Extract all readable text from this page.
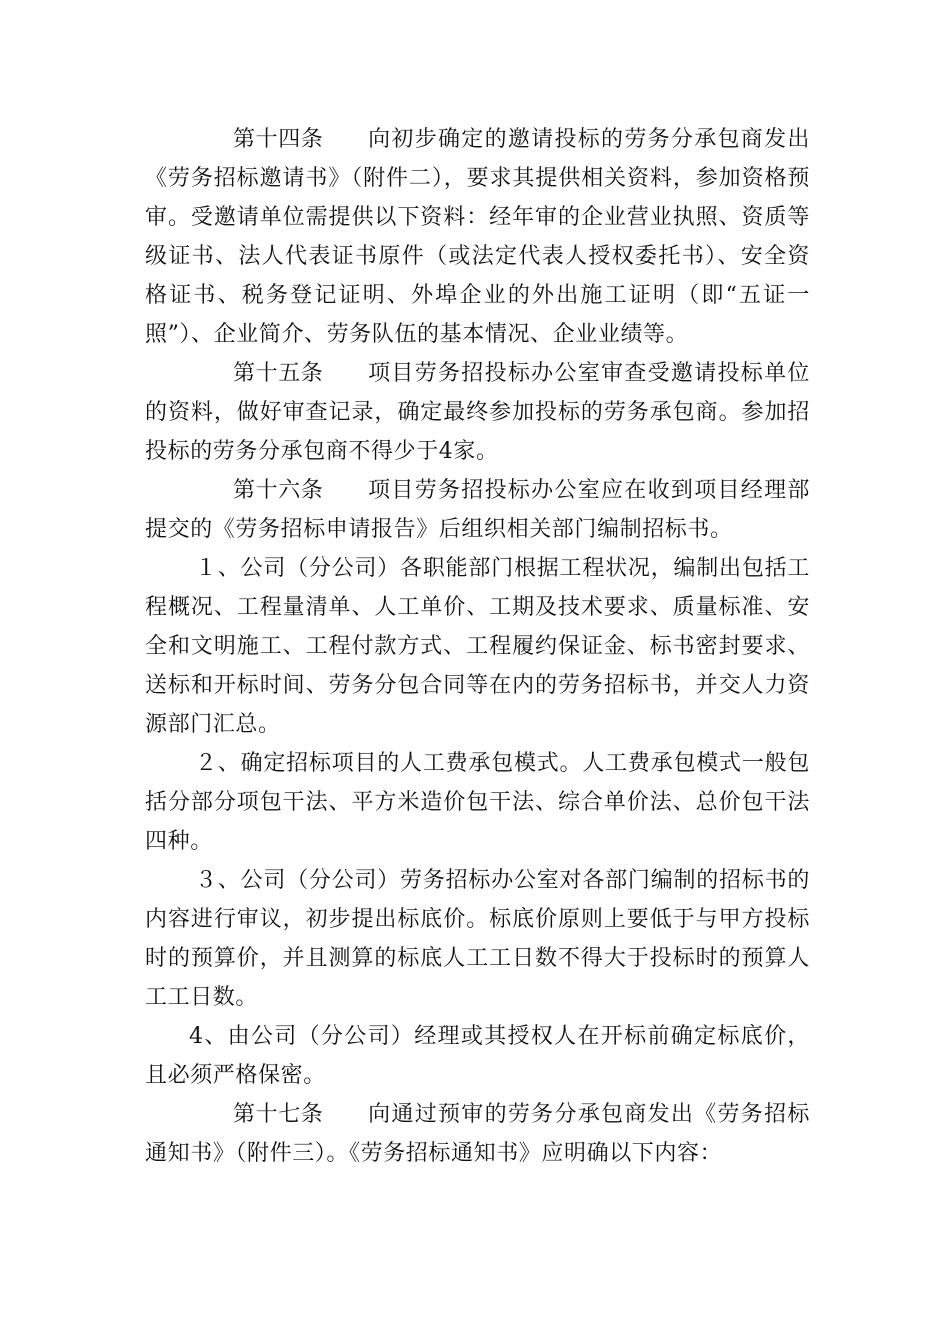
第十四条 向初步确定的邀请投标的劳务分承包商发出《劳务招标邀请书》（附件二），要求其提供相关资料，参加资格预审。受邀请单位需提供以下资料：经年审的企业营业执照、资质等级证书、法人代表证书原件（或法定代表人授权委托书）、安全资格证书、税务登记证明、外埠企业的外出施工证明（即“五证一照”）、企业简介、劳务队伍的基本情况、企业业绩等。

第十五条 项目劳务招投标办公室审查受邀请投标单位的资料，做好审查记录，确定最终参加投标的劳务承包商。参加招投标的劳务分承包商不得少于4家。

第十六条 项目劳务招投标办公室应在收到项目经理部提交的《劳务招标申请报告》后组织相关部门编制招标书。

１、公司（分公司）各职能部门根据工程状况，编制出包括工程概况、工程量清单、人工单价、工期及技术要求、质量标准、安全和文明施工、工程付款方式、工程履约保证金、标书密封要求、送标和开标时间、劳务分包合同等在内的劳务招标书，并交人力资源部门汇总。

２、确定招标项目的人工费承包模式。人工费承包模式一般包括分部分项包干法、平方米造价包干法、综合单价法、总价包干法四种。

３、公司（分公司）劳务招标办公室对各部门编制的招标书的内容进行审议，初步提出标底价。标底价原则上要低于与甲方投标时的预算价，并且测算的标底人工工日数不得大于投标时的预算人工工日数。

4、由公司（分公司）经理或其授权人在开标前确定标底价，且必须严格保密。

第十七条 向通过预审的劳务分承包商发出《劳务招标通知书》（附件三）。《劳务招标通知书》应明确以下内容：
